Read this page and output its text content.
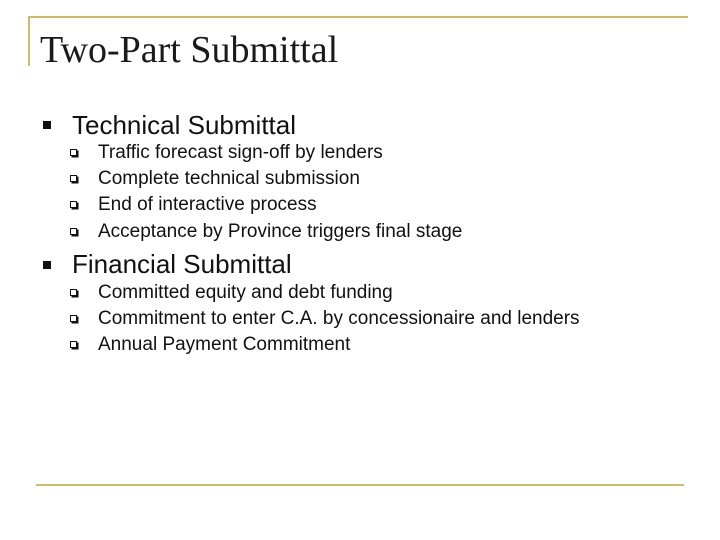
Two-Part Submittal
Technical Submittal
Traffic forecast sign-off by lenders
Complete technical submission
End of interactive process
Acceptance by Province triggers final stage
Financial Submittal
Committed equity and debt funding
Commitment to enter C.A. by concessionaire and lenders
Annual Payment Commitment
